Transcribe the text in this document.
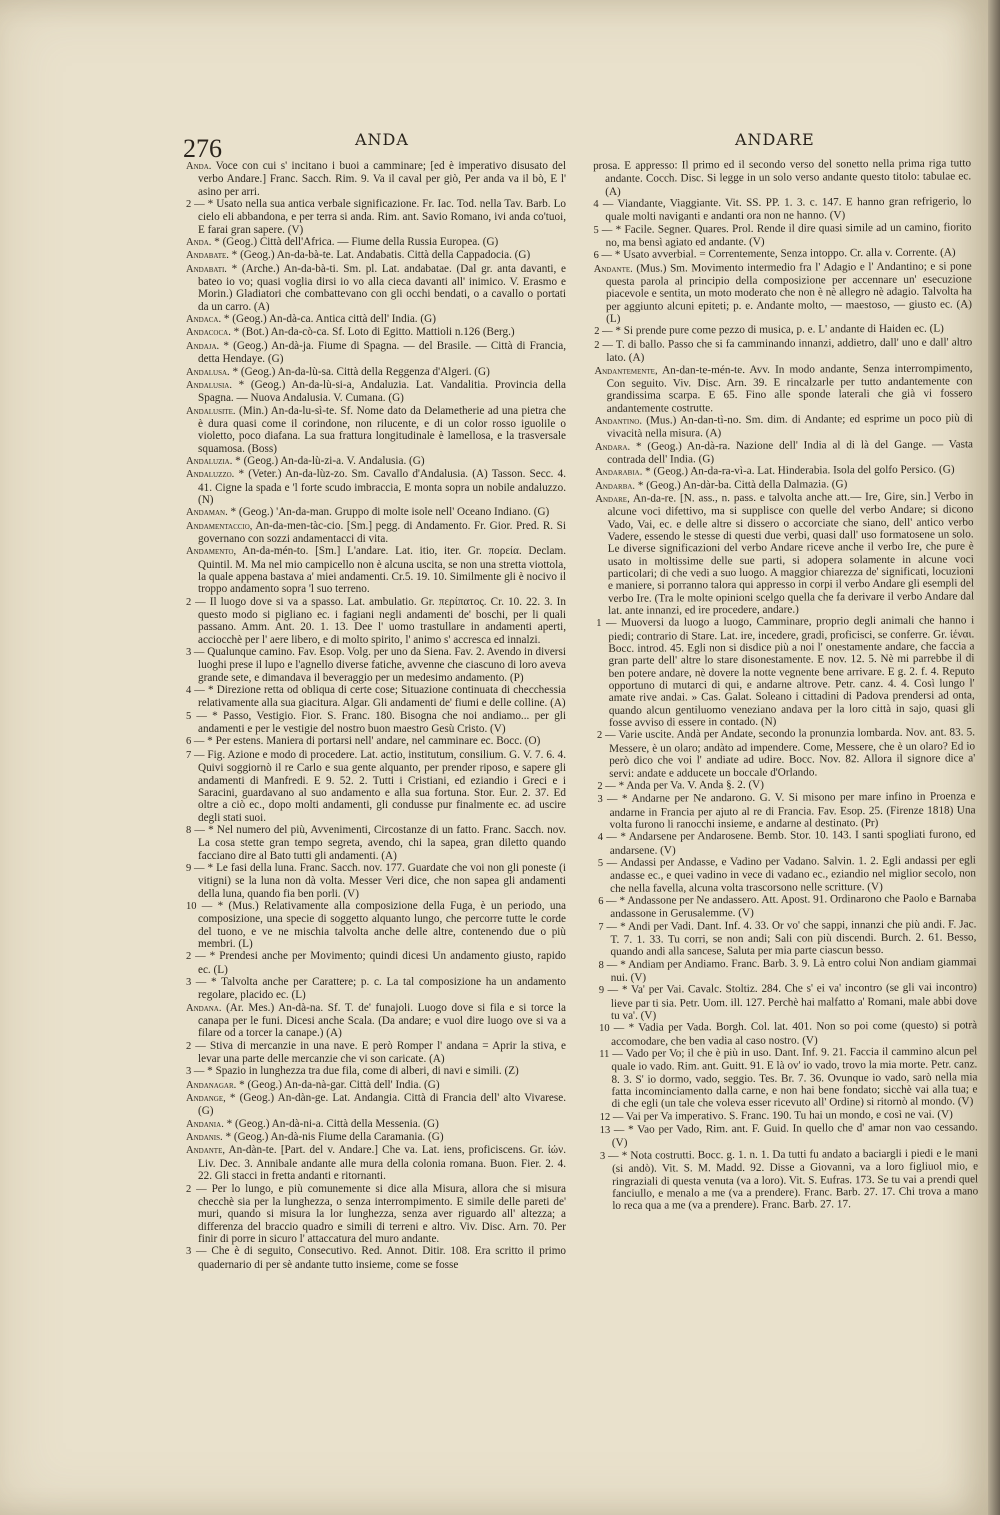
276	ANDA	ANDARE

Anda. Voce con cui s' incitano i buoi a camminare; [ed è imperativo disusato del verbo Andare.] Franc. Sacch. Rim. 9. Va il caval per giò, Per anda va il bò, E l' asino per arri.

2 — * Usato nella sua antica verbale significazione. Fr. Iac. Tod. nella Tav. Barb. Lo cielo eli abbandona, e per terra si anda. Rim. ant. Savio Romano, ivi anda co'tuoi, E farai gran sapere. (V)

Anda. * (Geog.) Città dell'Africa. — Fiume della Russia Europea. (G)

Andabate. * (Geog.) An-da-bà-te. Lat. Andabatis. Città della Cappadocia. (G)

Andabati. * (Arche.) An-da-bà-ti. Sm. pl. Lat. andabatae. (Dal gr. anta davanti, e bateo io vo; quasi voglia dirsi io vo alla cieca davanti all' inimico. V. Erasmo e Morin.) Gladiatori che combattevano con gli occhi bendati, o a cavallo o portati da un carro. (A)

Andaca. * (Geog.) An-dà-ca. Antica città dell' India. (G)

Andacoca. * (Bot.) An-da-cò-ca. Sf. Loto di Egitto. Mattioli n.126 (Berg.)

Andaja. * (Geog.) An-dà-ja. Fiume di Spagna. — del Brasile. — Città di Francia, detta Hendaye. (G)

Andalusa. * (Geog.) An-da-lù-sa. Città della Reggenza d'Algeri. (G)

Andalusia. * (Geog.) An-da-lù-si-a, Andaluzia. Lat. Vandalitia. Provincia della Spagna. — Nuova Andalusia. V. Cumana. (G)

Andalusite. (Min.) An-da-lu-sì-te. Sf. Nome dato da Delametherie ad una pietra che è dura quasi come il corindone, non rilucente, e di un color rosso iguolile o violetto, poco diafana. La sua frattura longitudinale è lamellosa, e la trasversale squamosa. (Boss)

Andaluzia. * (Geog.) An-da-lù-zi-a. V. Andalusia. (G)

Andaluzzo. * (Veter.) An-da-lùz-zo. Sm. Cavallo d'Andalusia. (A) Tasson. Secc. 4. 41. Cigne la spada e 'l forte scudo imbraccia, E monta sopra un nobile andaluzzo. (N)

Andaman. * (Geog.) 'An-da-man. Gruppo di molte isole nell' Oceano Indiano. (G)

Andamentaccio, An-da-men-tàc-cio. [Sm.] pegg. di Andamento. Fr. Gior. Pred. R. Si governano con sozzi andamentacci di vita.

Andamento, An-da-mén-to. [Sm.] L'andare. Lat. itio, iter. Gr. πορεία. Declam. Quintil. M. Ma nel mio campicello non è alcuna uscita, se non una stretta viottola, la quale appena bastava a' miei andamenti. Cr.5. 19. 10. Similmente gli è nocivo il troppo andamento sopra 'l suo terreno.

2 — Il luogo dove si va a spasso. Lat. ambulatio. Gr. περίπατος. Cr. 10. 22. 3. In questo modo si pigliano ec. i fagiani negli andamenti de' boschi, per li quali passano. Amm. Ant. 20. 1. 13. Dee l' uomo trastullare in andamenti aperti, acciocchè per l' aere libero, e di molto spirito, l' animo s' accresca ed innalzi.

3 — Qualunque camino. Fav. Esop. Volg. per uno da Siena. Fav. 2. Avendo in diversi luoghi prese il lupo e l'agnello diverse fatiche, avvenne che ciascuno di loro aveva grande sete, e dimandava il beveraggio per un medesimo andamento. (P)

4 — * Direzione retta od obliqua di certe cose; Situazione continuata di checchessia relativamente alla sua giacitura. Algar. Gli andamenti de' fiumi e delle colline. (A)

5 — * Passo, Vestigio. Fior. S. Franc. 180. Bisogna che noi andiamo... per gli andamenti e per le vestigie del nostro buon maestro Gesù Cristo. (V)

6 — * Per estens. Maniera di portarsi nell' andare, nel camminare ec. Bocc. (O)

7 — Fig. Azione e modo di procedere. Lat. actio, institutum, consilium. G. V. 7. 6. 4. Quivi soggiornò il re Carlo e sua gente alquanto, per prender riposo, e sapere gli andamenti di Manfredi. E 9. 52. 2. Tutti i Cristiani, ed eziandio i Greci e i Saracini, guardavano al suo andamento e alla sua fortuna. Stor. Eur. 2. 37. Ed oltre a ciò ec., dopo molti andamenti, gli condusse pur finalmente ec. ad uscire degli stati suoi.

8 — * Nel numero del più, Avvenimenti, Circostanze di un fatto. Franc. Sacch. nov. La cosa stette gran tempo segreta, avendo, chi la sapea, gran diletto quando facciano dire al Bato tutti gli andamenti. (A)

9 — * Le fasi della luna. Franc. Sacch. nov. 177. Guardate che voi non gli poneste (i vitigni) se la luna non dà volta. Messer Veri dice, che non sapea gli andamenti della luna, quando fia ben porli. (V)

10 — * (Mus.) Relativamente alla composizione della Fuga, è un periodo, una composizione, una specie di soggetto alquanto lungo, che percorre tutte le corde del tuono, e ve ne mischia talvolta anche delle altre, contenendo due o più membri. (L)

2 — * Prendesi anche per Movimento; quindi dicesi Un andamento giusto, rapido ec. (L)

3 — * Talvolta anche per Carattere; p. c. La tal composizione ha un andamento regolare, placido ec. (L)

Andana. (Ar. Mes.) An-dà-na. Sf. T. de' funajoli. Luogo dove si fila e si torce la canapa per le funi. Dicesi anche Scala. (Da andare; e vuol dire luogo ove si va a filare od a torcer la canape.) (A)

2 — Stiva di mercanzie in una nave. E però Romper l' andana = Aprir la stiva, e levar una parte delle mercanzie che vi son caricate. (A)

3 — * Spazio in lunghezza tra due fila, come di alberi, di navi e simili. (Z)

Andanagar. * (Geog.) An-da-nà-gar. Città dell' India. (G)

Andange, * (Geog.) An-dàn-ge. Lat. Andangia. Città di Francia dell' alto Vivarese. (G)

Andania. * (Geog.) An-dà-ni-a. Città della Messenia. (G)

Andanis. * (Geog.) An-dà-nis Fiume della Caramania. (G)

Andante, An-dàn-te. [Part. del v. Andare.] Che va. Lat. iens, proficiscens. Gr. ἰών. Liv. Dec. 3. Annibale andante alle mura della colonia romana. Buon. Fier. 2. 4. 22. Gli stacci in fretta andanti e ritornanti.

2 — Per lo lungo, e più comunemente si dice alla Misura, allora che si misura checchè sia per la lunghezza, o senza interrompimento. E simile delle pareti de' muri, quando si misura la lor lunghezza, senza aver riguardo all' altezza; a differenza del braccio quadro e simili di terreni e altro. Viv. Disc. Arn. 70. Per finir di porre in sicuro l' attaccatura del muro andante.

3 — Che è di seguito, Consecutivo. Red. Annot. Ditir. 108. Era scritto il primo quadernario di per sè andante tutto insieme, come se fosse

prosa. E appresso: Il primo ed il secondo verso del sonetto nella prima riga tutto andante. Cocch. Disc. Si legge in un solo verso andante questo titolo: tabulae ec. (A)

4 — Viandante, Viaggiante. Vit. SS. PP. 1. 3. c. 147. E hanno gran refrigerio, lo quale molti naviganti e andanti ora non ne hanno. (V)

5 — * Facile. Segner. Quares. Prol. Rende il dire quasi simile ad un camino, fiorito no, ma bensì agiato ed andante. (V)

6 — * Usato avverbial. = Correntemente, Senza intoppo. Cr. alla v. Corrente. (A)

Andante. (Mus.) Sm. Movimento intermedio fra l' Adagio e l' Andantino; e si pone questa parola al principio della composizione per accennare un' esecuzione piacevole e sentita, un moto moderato che non è nè allegro nè adagio. Talvolta ha per aggiunto alcuni epiteti; p. e. Andante molto, — maestoso, — giusto ec. (A) (L)

2 — * Si prende pure come pezzo di musica, p. e. L' andante di Haiden ec. (L)

2 — T. di ballo. Passo che si fa camminando innanzi, addietro, dall' uno e dall' altro lato. (A)

Andantemente, An-dan-te-mén-te. Avv. In modo andante, Senza interrompimento, Con seguito. Viv. Disc. Arn. 39. E rincalzarle per tutto andantemente con grandissima scarpa. E 65. Fino alle sponde laterali che già vi fossero andantemente costrutte.

Andantino. (Mus.) An-dan-tì-no. Sm. dim. di Andante; ed esprime un poco più di vivacità nella misura. (A)

Andara. * (Geog.) An-dà-ra. Nazione dell' India al di là del Gange. — Vasta contrada dell' India. (G)

Andarabia. * (Geog.) An-da-ra-vì-a. Lat. Hinderabia. Isola del golfo Persico. (G)

Andarba. * (Geog.) An-dàr-ba. Città della Dalmazia. (G)

Andare, An-da-re. [N. ass., n. pass. e talvolta anche att.— Ire, Gire, sin.] Verbo in alcune voci difettivo, ma si supplisce con quelle del verbo Andare; si dicono Vado, Vai, ec. e delle altre si dissero o accorciate che siano, dell' antico verbo Vadere, essendo le stesse di questi due verbi, quasi dall' uso formatosene un solo. Le diverse significazioni del verbo Andare riceve anche il verbo Ire, che pure è usato in moltissime delle sue parti, si adopera solamente in alcune voci particolari; di che vedi a suo luogo. A maggior chiarezza de' significati, locuzioni e maniere, si porranno talora qui appresso in corpi il verbo Andare gli esempli del verbo Ire. (Tra le molte opinioni scelgo quella che fa derivare il verbo Andare dal lat. ante innanzi, ed ire procedere, andare.)

1 — Muoversi da luogo a luogo, Camminare, proprio degli animali che hanno i piedi; contrario di Stare. Lat. ire, incedere, gradi, proficisci, se conferre. Gr. ἰέναι. Bocc. introd. 45. Egli non si disdice più a noi l' onestamente andare, che faccia a gran parte dell' altre lo stare disonestamente. E nov. 12. 5. Nè mi parrebbe il di ben potere andare, nè dovere la notte vegnente bene arrivare. E g. 2. f. 4. Reputo opportuno di mutarci di qui, e andarne altrove. Petr. canz. 4. 4. Così lungo l' amate rive andai. » Cas. Galat. Soleano i cittadini di Padova prendersi ad onta, quando alcun gentiluomo veneziano andava per la loro città in sajo, quasi gli fosse avviso di essere in contado. (N)

2 — Varie uscite. Andà per Andate, secondo la pronunzia lombarda. Nov. ant. 83. 5. Messere, è un olaro; andàto ad impendere. Come, Messere, che è un olaro? Ed io però dico che voi l' andiate ad udire. Bocc. Nov. 82. Allora il signore dice a' servi: andate e adducete un boccale d'Orlando.

2 — * Anda per Va. V. Anda §. 2. (V)

3 — * Andarne per Ne andarono. G. V. Si misono per mare infino in Proenza e andarne in Francia per ajuto al re di Francia. Fav. Esop. 25. (Firenze 1818) Una volta furono li ranocchi insieme, e andarne al destinato. (Pr)

4 — * Andarsene per Andarosene. Bemb. Stor. 10. 143. I santi spogliati furono, ed andarsene. (V)

5 — Andassi per Andasse, e Vadino per Vadano. Salvin. 1. 2. Egli andassi per egli andasse ec., e quei vadino in vece di vadano ec., eziandio nel miglior secolo, non che nella favella, alcuna volta trascorsono nelle scritture. (V)

6 — * Andassone per Ne andassero. Att. Apost. 91. Ordinarono che Paolo e Barnaba andassone in Gerusalemme. (V)

7 — * Andi per Vadi. Dant. Inf. 4. 33. Or vo' che sappi, innanzi che più andi. F. Jac. T. 7. 1. 33. Tu corri, se non andi; Sali con più discendi. Burch. 2. 61. Besso, quando andi alla sancese, Saluta per mia parte ciascun besso.

8 — * Andiam per Andiamo. Franc. Barb. 3. 9. Là entro colui Non andiam giammai nui. (V)

9 — * Va' per Vai. Cavalc. Stoltiz. 284. Che s' ei va' incontro (se gli vai incontro) lieve par ti sia. Petr. Uom. ill. 127. Perchè hai malfatto a' Romani, male abbi dove tu va'. (V)

10 — * Vadia per Vada. Borgh. Col. lat. 401. Non so poi come (questo) si potrà accomodare, che ben vadia al caso nostro. (V)

11 — Vado per Vo; il che è più in uso. Dant. Inf. 9. 21. Faccia il cammino alcun pel quale io vado. Rim. ant. Guitt. 91. E là ov' io vado, trovo la mia morte. Petr. canz. 8. 3. S' io dormo, vado, seggio. Tes. Br. 7. 36. Ovunque io vado, sarò nella mia fatta incominciamento dalla carne, e non hai bene fondato; sicchè vai alla tua; e di che egli (un tale che voleva esser ricevuto all' Ordine) si ritornò al mondo. (V)

12 — Vai per Va imperativo. S. Franc. 190. Tu hai un mondo, e così ne vai. (V)

13 — * Vao per Vado, Rim. ant. F. Guid. In quello che d' amar non vao cessando. (V)

3 — * Nota costrutti. Bocc. g. 1. n. 1. Da tutti fu andato a baciargli i piedi e le mani (si andò). Vit. S. M. Madd. 92. Disse a Giovanni, va a loro figliuol mio, e ringraziali di questa venuta (va a loro). Vit. S. Eufras. 173. Se tu vai a prendi quel fanciullo, e menalo a me (va a prendere). Franc. Barb. 27. 17. Chi trova a mano lo reca qua a me (va a prendere). Franc. Barb. 27. 17.
